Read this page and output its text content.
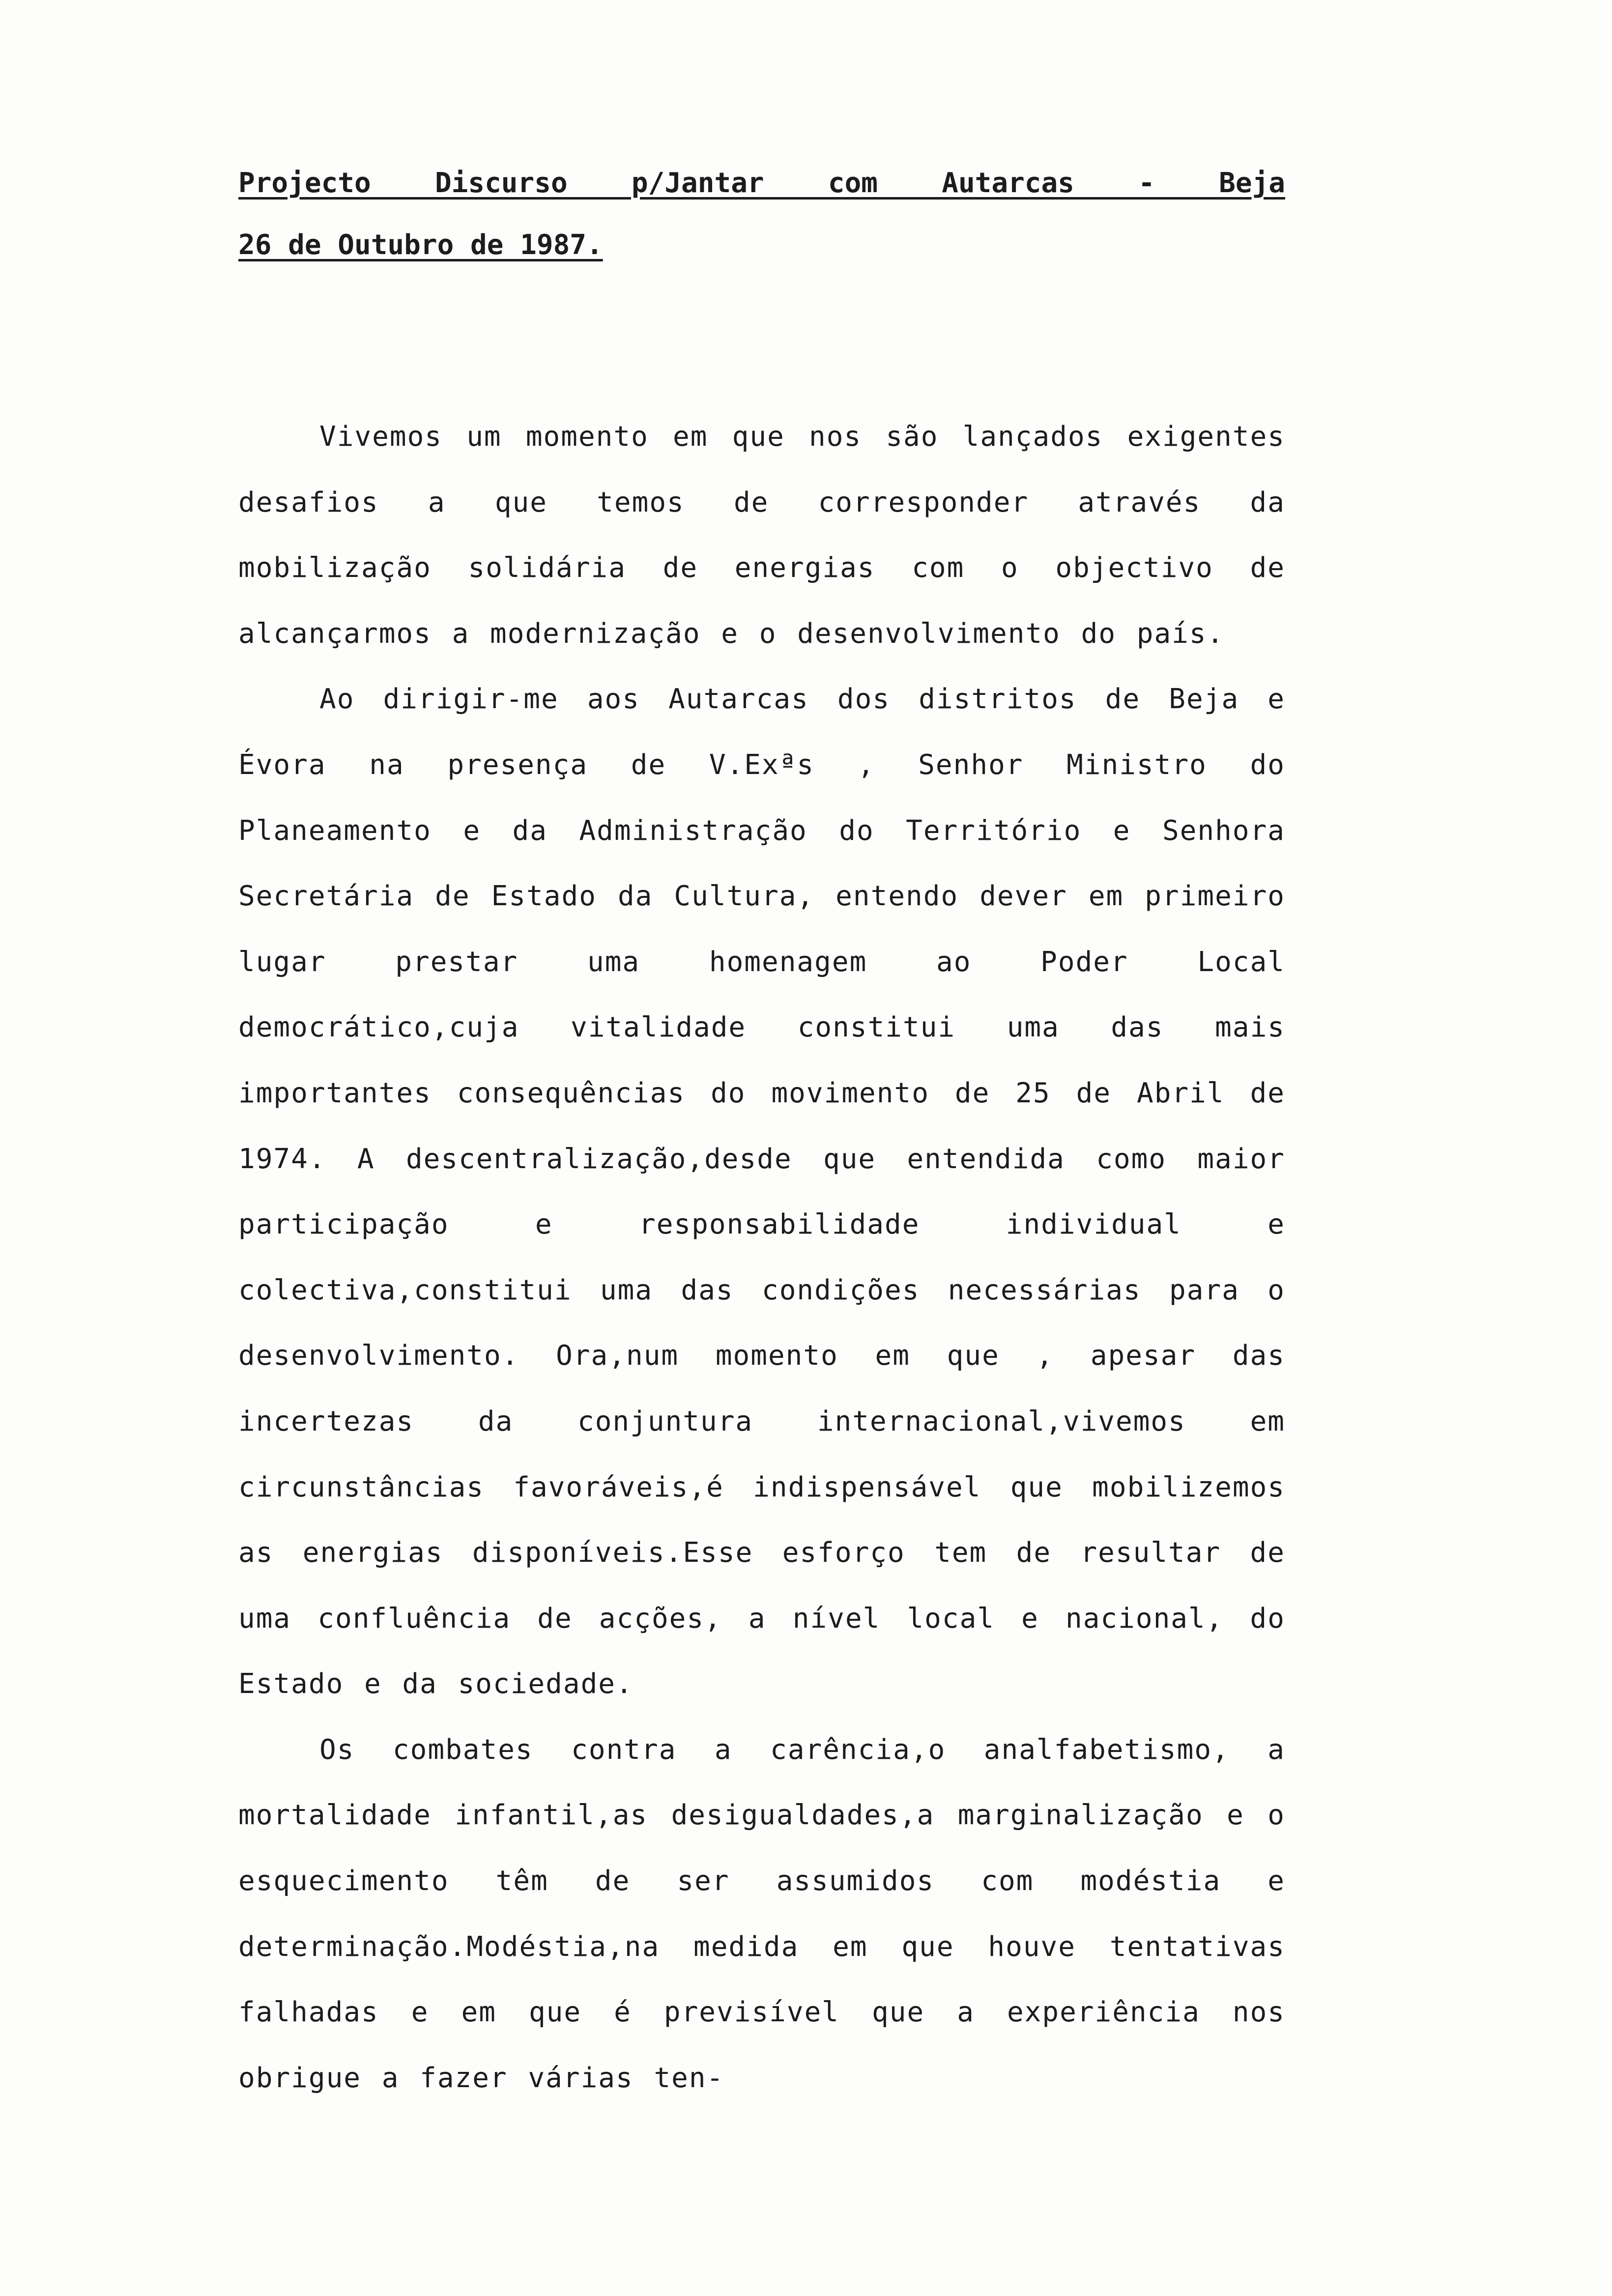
Projecto Discurso p/Jantar com Autarcas - Beja

26 de Outubro de 1987.

Vivemos um momento em que nos são lançados exigentes desafios a que temos de corresponder através da mobilização solidária de energias com o objectivo de alcançarmos a modernização e o desenvolvimento do país.

Ao dirigir-me aos Autarcas dos distritos de Beja e Évora na presença de V.Exªs , Senhor Ministro do Planeamento e da Administração do Território e Senhora Secretária de Estado da Cultura, entendo dever em primeiro lugar prestar uma homenagem ao Poder Local democrático,cuja vitalidade constitui uma das mais importantes consequências do movimento de 25 de Abril de 1974. A descentralização,desde que entendida como maior participação e responsabilidade individual e colectiva,constitui uma das condições necessárias para o desenvolvimento. Ora,num momento em que , apesar das incertezas da conjuntura internacional,vivemos em circunstâncias favoráveis,é indispensável que mobilizemos as energias disponíveis.Esse esforço tem de resultar de uma confluência de acções, a nível local e nacional, do Estado e da sociedade.

Os combates contra a carência,o analfabetismo, a mortalidade infantil,as desigualdades,a marginalização e o esquecimento têm de ser assumidos com modéstia e determinação.Modéstia,na medida em que houve tentativas falhadas e em que é previsível que a experiência nos obrigue a fazer várias ten-
